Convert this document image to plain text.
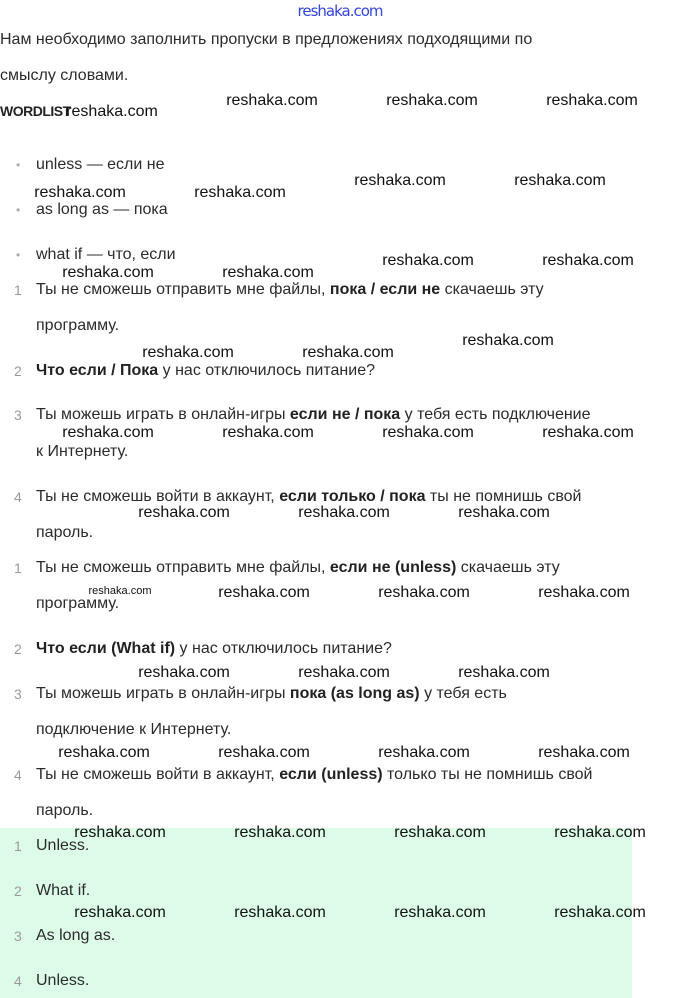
reshaka.com
Нам необходимо заполнить пропуски в предложениях подходящими по
смыслу словами.
WORDLIST
• unless — если не
• as long as — пока
• what if — что, если
1 Ты не сможешь отправить мне файлы, пока / если не скачаешь эту
программу.
2 Что если / Пока у нас отключилось питание?
3 Ты можешь играть в онлайн-игры если не / пока у тебя есть подключение
к Интернету.
4 Ты не сможешь войти в аккаунт, если только / пока ты не помнишь свой
пароль.
1 Ты не сможешь отправить мне файлы, если не (unless) скачаешь эту
программу.
2 Что если (What if) у нас отключилось питание?
3 Ты можешь играть в онлайн-игры пока (as long as) у тебя есть
подключение к Интернету.
4 Ты не сможешь войти в аккаунт, если (unless) только ты не помнишь свой
пароль.
1 Unless.
2 What if.
3 As long as.
4 Unless.
reshaka.com
reshaka.com	reshaka.com	reshaka.com
reshaka.com	reshaka.com
reshaka.com	reshaka.com
reshaka.com	reshaka.com
reshaka.com	reshaka.com
reshaka.com	reshaka.com
reshaka.com
reshaka.com	reshaka.com	reshaka.com	reshaka.com
reshaka.com	reshaka.com	reshaka.com
reshaka.com	reshaka.com	reshaka.com	reshaka.com
reshaka.com	reshaka.com	reshaka.com
reshaka.com	reshaka.com	reshaka.com	reshaka.com
reshaka.com	reshaka.com	reshaka.com	reshaka.com
reshaka.com	reshaka.com	reshaka.com	reshaka.com
